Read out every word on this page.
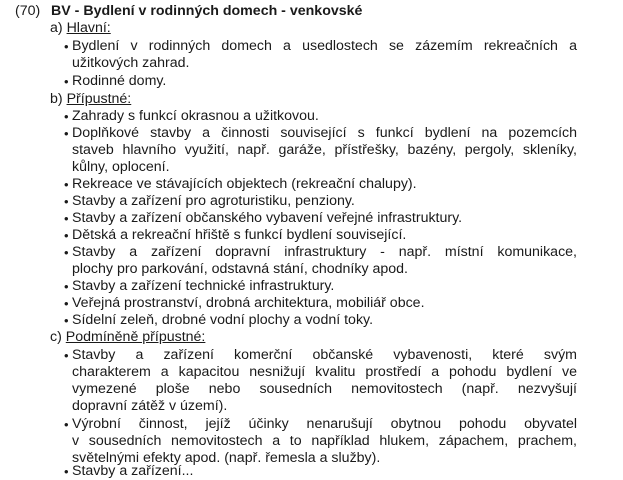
(70) BV - Bydlení v rodinných domech - venkovské
a) Hlavní:
• Bydlení v rodinných domech a usedlostech se zázemím rekreačních a
užitkových zahrad.
• Rodinné domy.
b) Přípustné:
• Zahrady s funkcí okrasnou a užitkovou.
• Doplňkové stavby a činnosti související s funkcí bydlení na pozemcích
staveb hlavního využití, např. garáže, přístřešky, bazény, pergoly, skleníky,
kůlny, oplocení.
• Rekreace ve stávajících objektech (rekreační chalupy).
• Stavby a zařízení pro agroturistiku, penziony.
• Stavby a zařízení občanského vybavení veřejné infrastruktury.
• Dětská a rekreační hřiště s funkcí bydlení související.
• Stavby a zařízení dopravní infrastruktury - např. místní komunikace,
plochy pro parkování, odstavná stání, chodníky apod.
• Stavby a zařízení technické infrastruktury.
• Veřejná prostranství, drobná architektura, mobiliář obce.
• Sídelní zeleň, drobné vodní plochy a vodní toky.
c) Podmíněně přípustné:
• Stavby a zařízení komerční občanské vybavenosti, které svým
charakterem a kapacitou nesnižují kvalitu prostředí a pohodu bydlení ve
vymezené ploše nebo sousedních nemovitostech (např. nezvyšují
dopravní zátěž v území).
• Výrobní činnost, jejíž účinky nenarušují obytnou pohodu obyvatel
v sousedních nemovitostech a to například hlukem, zápachem, prachem,
světelnými efekty apod. (např. řemesla a služby).
• Stavby a zařízení...
